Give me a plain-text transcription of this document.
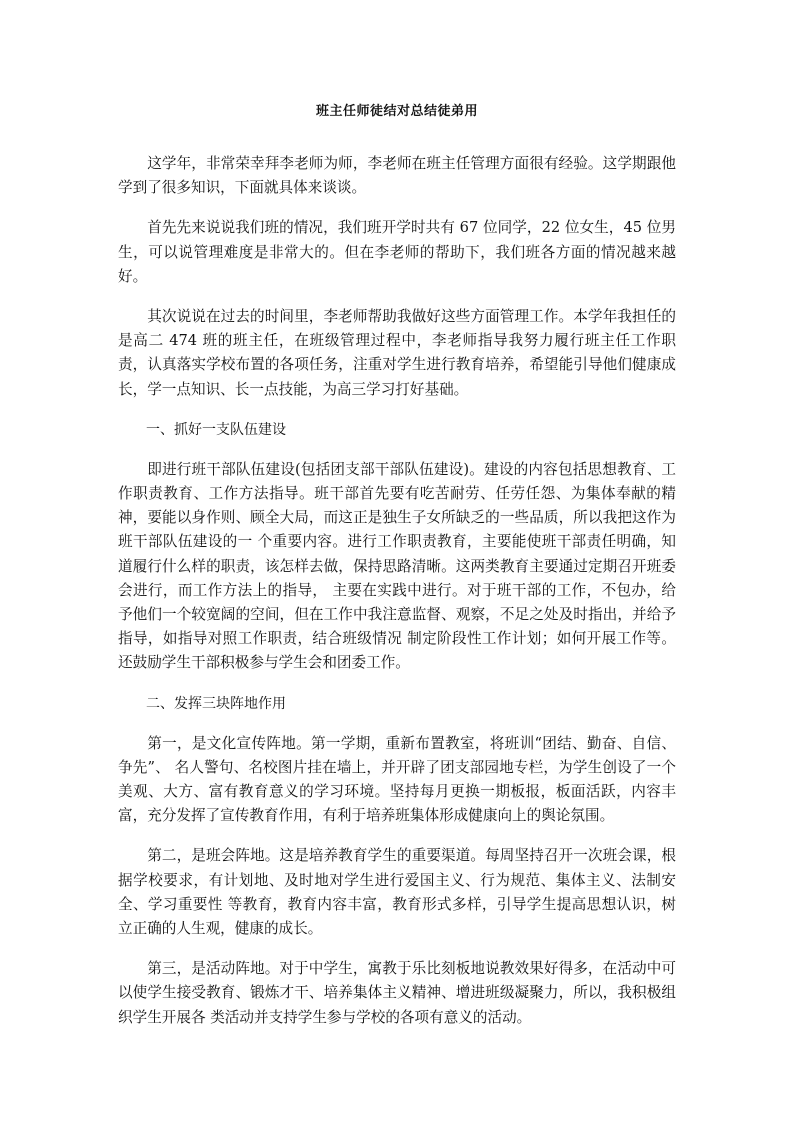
班主任师徒结对总结徒弟用

这学年，非常荣幸拜李老师为师，李老师在班主任管理方面很有经验。这学期跟他学到了很多知识，下面就具体来谈谈。

首先先来说说我们班的情况，我们班开学时共有 67 位同学，22 位女生，45 位男生，可以说管理难度是非常大的。但在李老师的帮助下，我们班各方面的情况越来越好。

其次说说在过去的时间里，李老师帮助我做好这些方面管理工作。本学年我担任的是高二 474 班的班主任，在班级管理过程中，李老师指导我努力履行班主任工作职责，认真落实学校布置的各项任务，注重对学生进行教育培养，希望能引导他们健康成长，学一点知识、长一点技能，为高三学习打好基础。

一、抓好一支队伍建设

即进行班干部队伍建设(包括团支部干部队伍建设)。建设的内容包括思想教育、工作职责教育、工作方法指导。班干部首先要有吃苦耐劳、任劳任怨、为集体奉献的精神，要能以身作则、顾全大局，而这正是独生子女所缺乏的一些品质，所以我把这作为班干部队伍建设的一 个重要内容。进行工作职责教育，主要能使班干部责任明确，知道履行什么样的职责，该怎样去做，保持思路清晰。这两类教育主要通过定期召开班委会进行，而工作方法上的指导， 主要在实践中进行。对于班干部的工作，不包办，给予他们一个较宽阔的空间，但在工作中我注意监督、观察，不足之处及时指出，并给予指导，如指导对照工作职责，结合班级情况 制定阶段性工作计划；如何开展工作等。还鼓励学生干部积极参与学生会和团委工作。

二、发挥三块阵地作用

第一，是文化宣传阵地。第一学期，重新布置教室，将班训“团结、勤奋、自信、争先”、 名人警句、名校图片挂在墙上，并开辟了团支部园地专栏，为学生创设了一个美观、大方、富有教育意义的学习环境。坚持每月更换一期板报，板面活跃，内容丰富，充分发挥了宣传教育作用，有利于培养班集体形成健康向上的舆论氛围。

第二，是班会阵地。这是培养教育学生的重要渠道。每周坚持召开一次班会课，根据学校要求，有计划地、及时地对学生进行爱国主义、行为规范、集体主义、法制安全、学习重要性 等教育，教育内容丰富，教育形式多样，引导学生提高思想认识，树立正确的人生观，健康的成长。

第三，是活动阵地。对于中学生，寓教于乐比刻板地说教效果好得多，在活动中可以使学生接受教育、锻炼才干、培养集体主义精神、增进班级凝聚力，所以，我积极组织学生开展各 类活动并支持学生参与学校的各项有意义的活动。
